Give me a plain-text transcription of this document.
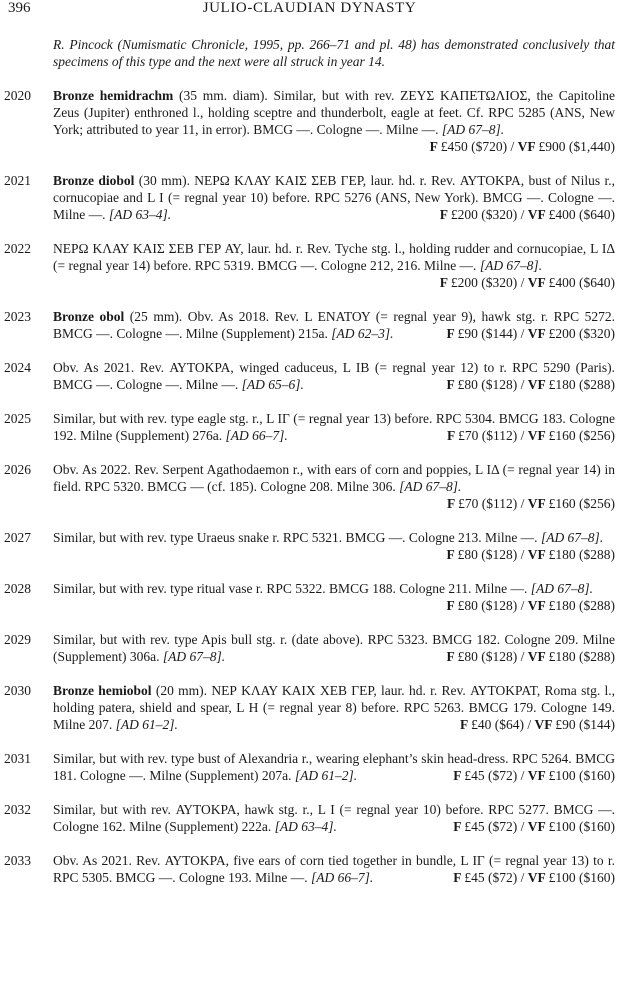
396	JULIO-CLAUDIAN DYNASTY
R. Pincock (Numismatic Chronicle, 1995, pp. 266–71 and pl. 48) has demonstrated conclusively that specimens of this type and the next were all struck in year 14.
2020 Bronze hemidrachm (35 mm. diam). Similar, but with rev. ΖΕΥΣ ΚΑΠΕΤΩΛΙΟΣ, the Capitoline Zeus (Jupiter) enthroned l., holding sceptre and thunderbolt, eagle at feet. Cf. RPC 5285 (ANS, New York; attributed to year 11, in error). BMCG —. Cologne —. Milne —. [AD 67–8].
F £450 ($720) / VF £900 ($1,440)
2021 Bronze diobol (30 mm). ΝΕΡΩ ΚΛΑΥ ΚΑΙΣ ΣΕΒ ΓΕΡ, laur. hd. r. Rev. ΑΥΤΟΚΡΑ, bust of Nilus r., cornucopiae and L I (= regnal year 10) before. RPC 5276 (ANS, New York). BMCG —. Cologne —. Milne —. [AD 63–4].	F £200 ($320) / VF £400 ($640)
2022 ΝΕΡΩ ΚΛΑΥ ΚΑΙΣ ΣΕΒ ΓΕΡ ΑΥ, laur. hd. r. Rev. Tyche stg. l., holding rudder and cornucopiae, L IΔ (= regnal year 14) before. RPC 5319. BMCG —. Cologne 212, 216. Milne —. [AD 67–8].
F £200 ($320) / VF £400 ($640)
2023 Bronze obol (25 mm). Obv. As 2018. Rev. L ΕΝΑΤΟΥ (= regnal year 9), hawk stg. r. RPC 5272. BMCG —. Cologne —. Milne (Supplement) 215a. [AD 62–3].	F £90 ($144) / VF £200 ($320)
2024 Obv. As 2021. Rev. ΑΥΤΟΚΡΑ, winged caduceus, L IB (= regnal year 12) to r. RPC 5290 (Paris). BMCG —. Cologne —. Milne —. [AD 65–6].	F £80 ($128) / VF £180 ($288)
2025 Similar, but with rev. type eagle stg. r., L IΓ (= regnal year 13) before. RPC 5304. BMCG 183. Cologne 192. Milne (Supplement) 276a. [AD 66–7].	F £70 ($112) / VF £160 ($256)
2026 Obv. As 2022. Rev. Serpent Agathodaemon r., with ears of corn and poppies, L IΔ (= regnal year 14) in field. RPC 5320. BMCG — (cf. 185). Cologne 208. Milne 306. [AD 67–8].
F £70 ($112) / VF £160 ($256)
2027 Similar, but with rev. type Uraeus snake r. RPC 5321. BMCG —. Cologne 213. Milne —. [AD 67–8].
F £80 ($128) / VF £180 ($288)
2028 Similar, but with rev. type ritual vase r. RPC 5322. BMCG 188. Cologne 211. Milne —. [AD 67–8].
F £80 ($128) / VF £180 ($288)
2029 Similar, but with rev. type Apis bull stg. r. (date above). RPC 5323. BMCG 182. Cologne 209. Milne (Supplement) 306a. [AD 67–8].	F £80 ($128) / VF £180 ($288)
2030 Bronze hemiobol (20 mm). ΝΕΡ ΚΛΑΥ ΚΑΙΧ ΧΕΒ ΓΕΡ, laur. hd. r. Rev. ΑΥΤΟΚΡΑΤ, Roma stg. l., holding patera, shield and spear, L H (= regnal year 8) before. RPC 5263. BMCG 179. Cologne 149. Milne 207. [AD 61–2].	F £40 ($64) / VF £90 ($144)
2031 Similar, but with rev. type bust of Alexandria r., wearing elephant’s skin head-dress. RPC 5264. BMCG 181. Cologne —. Milne (Supplement) 207a. [AD 61–2].	F £45 ($72) / VF £100 ($160)
2032 Similar, but with rev. ΑΥΤΟΚΡΑ, hawk stg. r., L I (= regnal year 10) before. RPC 5277. BMCG —. Cologne 162. Milne (Supplement) 222a. [AD 63–4].	F £45 ($72) / VF £100 ($160)
2033 Obv. As 2021. Rev. ΑΥΤΟΚΡΑ, five ears of corn tied together in bundle, L IΓ (= regnal year 13) to r. RPC 5305. BMCG —. Cologne 193. Milne —. [AD 66–7].	F £45 ($72) / VF £100 ($160)
